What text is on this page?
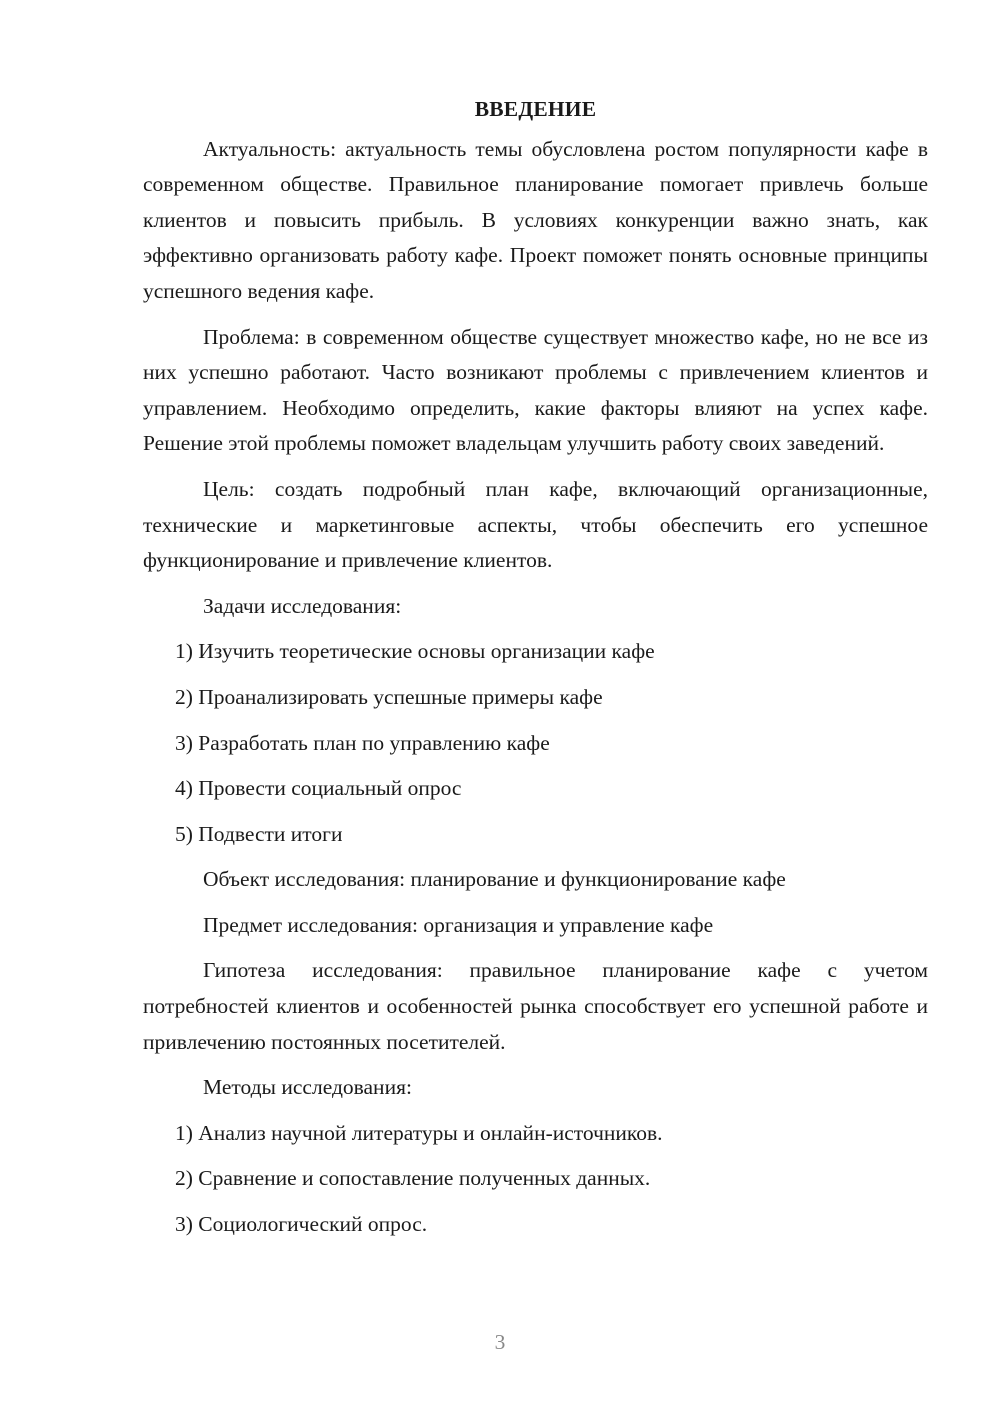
ВВЕДЕНИЕ
Актуальность: актуальность темы обусловлена ростом популярности кафе в современном обществе. Правильное планирование помогает привлечь больше клиентов и повысить прибыль. В условиях конкуренции важно знать, как эффективно организовать работу кафе. Проект поможет понять основные принципы успешного ведения кафе.
Проблема: в современном обществе существует множество кафе, но не все из них успешно работают. Часто возникают проблемы с привлечением клиентов и управлением. Необходимо определить, какие факторы влияют на успех кафе. Решение этой проблемы поможет владельцам улучшить работу своих заведений.
Цель: создать подробный план кафе, включающий организационные, технические и маркетинговые аспекты, чтобы обеспечить его успешное функционирование и привлечение клиентов.
Задачи исследования:
1) Изучить теоретические основы организации кафе
2) Проанализировать успешные примеры кафе
3) Разработать план по управлению кафе
4) Провести социальный опрос
5) Подвести итоги
Объект исследования: планирование и функционирование кафе
Предмет исследования: организация и управление кафе
Гипотеза исследования: правильное планирование кафе с учетом потребностей клиентов и особенностей рынка способствует его успешной работе и привлечению постоянных посетителей.
Методы исследования:
1) Анализ научной литературы и онлайн-источников.
2) Сравнение и сопоставление полученных данных.
3) Социологический опрос.
3
